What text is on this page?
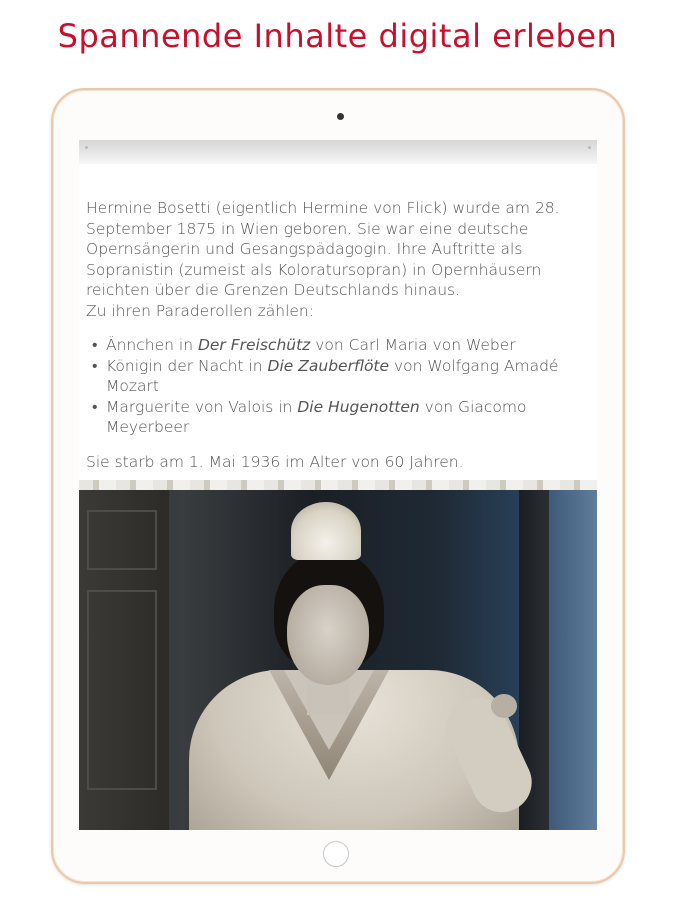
Spannende Inhalte digital erleben

Hermine Bosetti (eigentlich Hermine von Flick) wurde am 28. September 1875 in Wien geboren. Sie war eine deutsche Opernsängerin und Gesangspädagogin. Ihre Auftritte als Sopranistin (zumeist als Koloratursopran) in Opernhäusern reichten über die Grenzen Deutschlands hinaus.

Zu ihren Paraderollen zählen:

• Ännchen in Der Freischütz von Carl Maria von Weber
• Königin der Nacht in Die Zauberflöte von Wolfgang Amadé Mozart
• Marguerite von Valois in Die Hugenotten von Giacomo Meyerbeer

Sie starb am 1. Mai 1936 im Alter von 60 Jahren.
